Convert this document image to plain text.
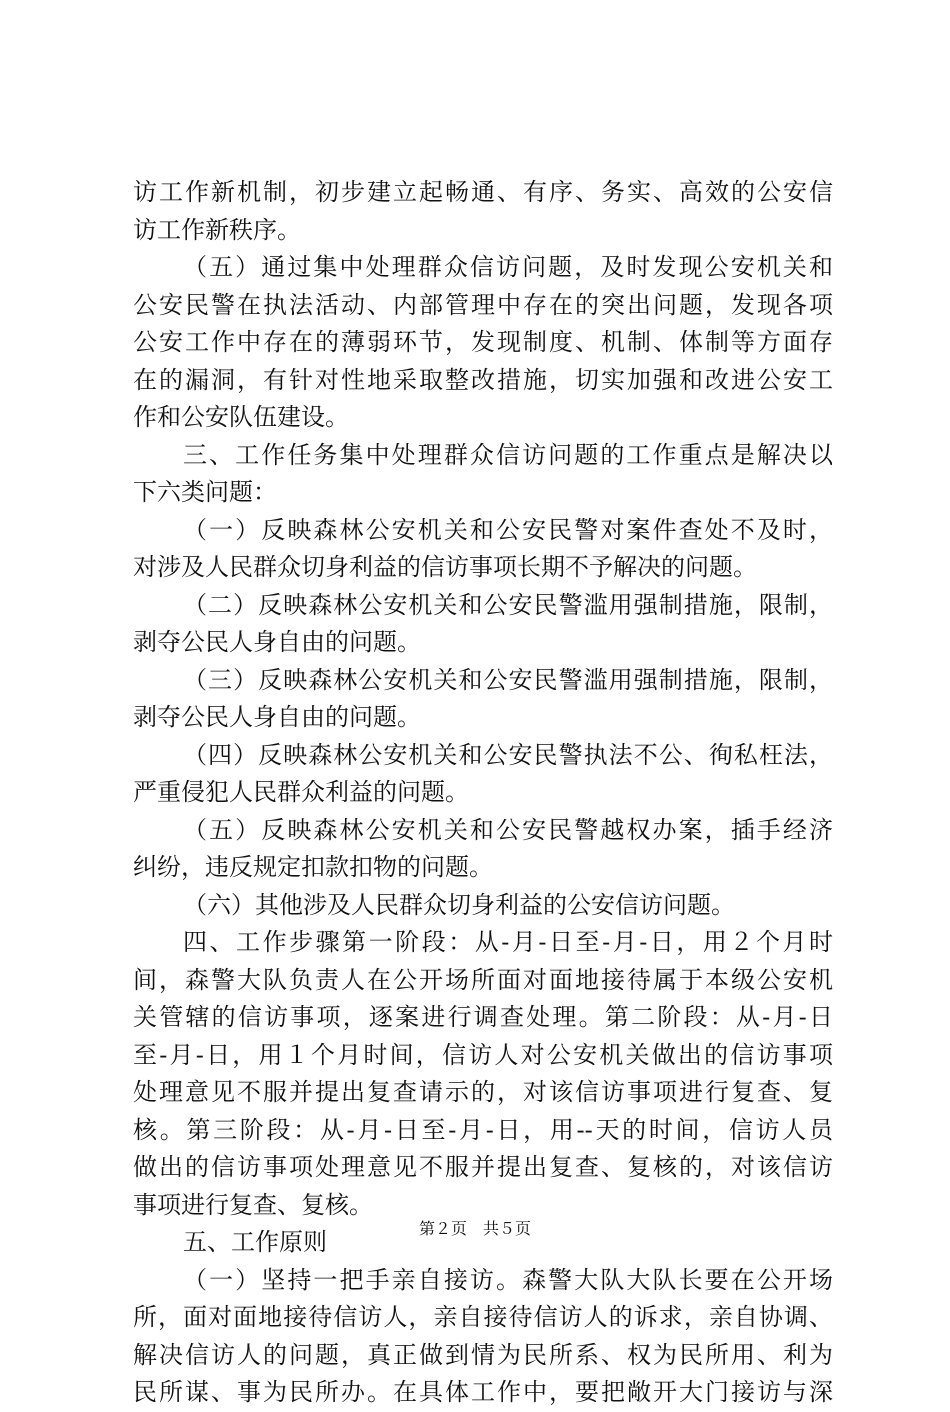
访工作新机制，初步建立起畅通、有序、务实、高效的公安信
访工作新秩序。
（五）通过集中处理群众信访问题，及时发现公安机关和
公安民警在执法活动、内部管理中存在的突出问题，发现各项
公安工作中存在的薄弱环节，发现制度、机制、体制等方面存
在的漏洞，有针对性地采取整改措施，切实加强和改进公安工
作和公安队伍建设。
三、工作任务集中处理群众信访问题的工作重点是解决以
下六类问题：
（一）反映森林公安机关和公安民警对案件查处不及时，
对涉及人民群众切身利益的信访事项长期不予解决的问题。
（二）反映森林公安机关和公安民警滥用强制措施，限制，
剥夺公民人身自由的问题。
（三）反映森林公安机关和公安民警滥用强制措施，限制，
剥夺公民人身自由的问题。
（四）反映森林公安机关和公安民警执法不公、徇私枉法，
严重侵犯人民群众利益的问题。
（五）反映森林公安机关和公安民警越权办案，插手经济
纠纷，违反规定扣款扣物的问题。
（六）其他涉及人民群众切身利益的公安信访问题。
四、工作步骤第一阶段：从-月-日至-月-日，用２个月时
间，森警大队负责人在公开场所面对面地接待属于本级公安机
关管辖的信访事项，逐案进行调查处理。第二阶段：从-月-日
至-月-日，用１个月时间，信访人对公安机关做出的信访事项
处理意见不服并提出复查请示的，对该信访事项进行复查、复
核。第三阶段：从-月-日至-月-日，用--天的时间，信访人员
做出的信访事项处理意见不服并提出复查、复核的，对该信访
事项进行复查、复核。
五、工作原则
（一）坚持一把手亲自接访。森警大队大队长要在公开场
所，面对面地接待信访人，亲自接待信访人的诉求，亲自协调、
解决信访人的问题，真正做到情为民所系、权为民所用、利为
民所谋、事为民所办。在具体工作中，要把敞开大门接访与深
第２页　共５页
